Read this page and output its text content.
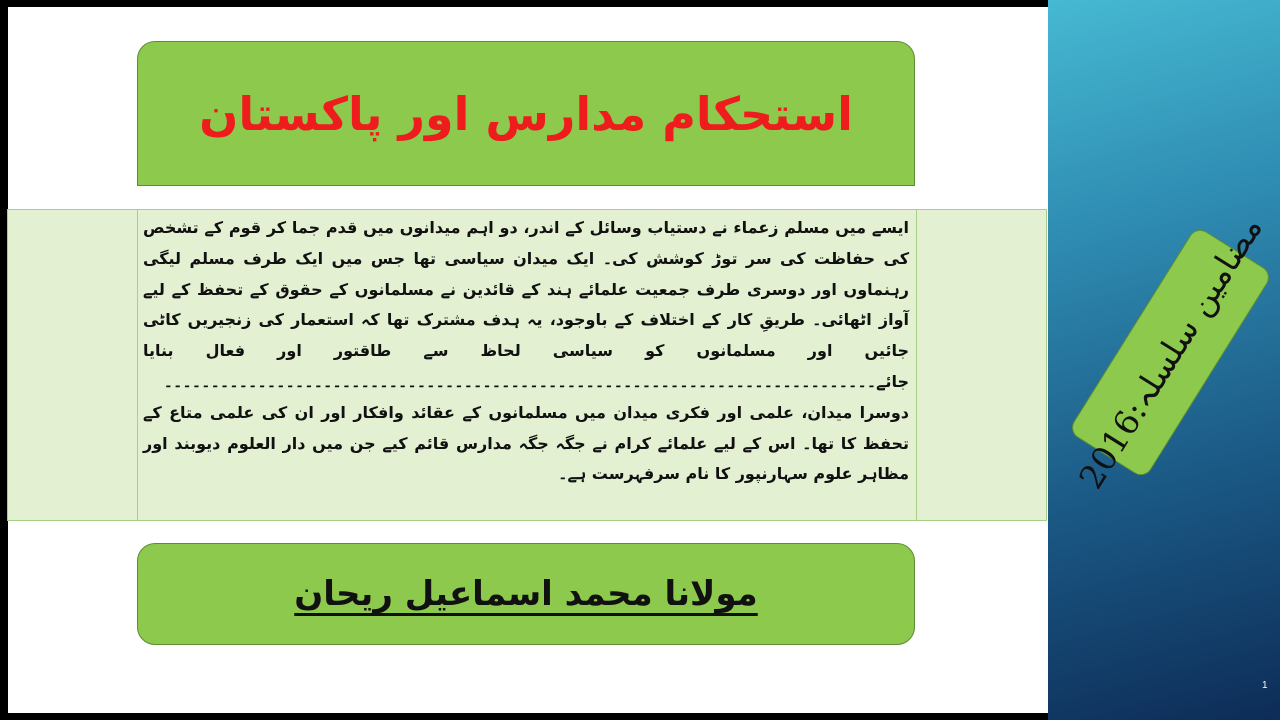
استحکام مدارس اور پاکستان
ایسے میں مسلم زعماء نے دستیاب وسائل کے اندر، دو اہم میدانوں میں قدم جما کر قوم کے تشخص کی حفاظت کی سر توڑ کوشش کی۔ ایک میدان سیاسی تھا جس میں ایک طرف مسلم لیگی رہنماوں اور دوسری طرف جمعیت علمائے ہند کے قائدین نے مسلمانوں کے حقوق کے تحفظ کے لیے آواز اٹھائی۔ طریقِ کار کے اختلاف کے باوجود، یہ ہدف مشترک تھا کہ استعمار کی زنجیریں کاٹی جائیں اور مسلمانوں کو سیاسی لحاظ سے طاقتور اور فعال بنایا جائے۔۔۔۔۔۔۔۔۔۔۔۔۔۔۔۔۔۔۔۔۔۔۔۔۔۔۔۔۔۔۔۔۔۔۔۔۔۔۔۔۔۔۔۔۔۔۔۔۔۔۔۔۔۔۔۔۔۔۔۔۔۔۔۔۔۔۔۔۔۔۔۔۔۔۔۔ دوسرا میدان، علمی اور فکری میدان میں مسلمانوں کے عقائد وافکار اور ان کی علمی متاع کے تحفظ کا تھا۔ اس کے لیے علمائے کرام نے جگہ جگہ مدارس قائم کیے جن میں دار العلوم دیوبند اور مظاہر علوم سہارنپور کا نام سرفہرست ہے۔
مولانا محمد اسماعیل ریحان
مضامین سلسلہ:2016
1
